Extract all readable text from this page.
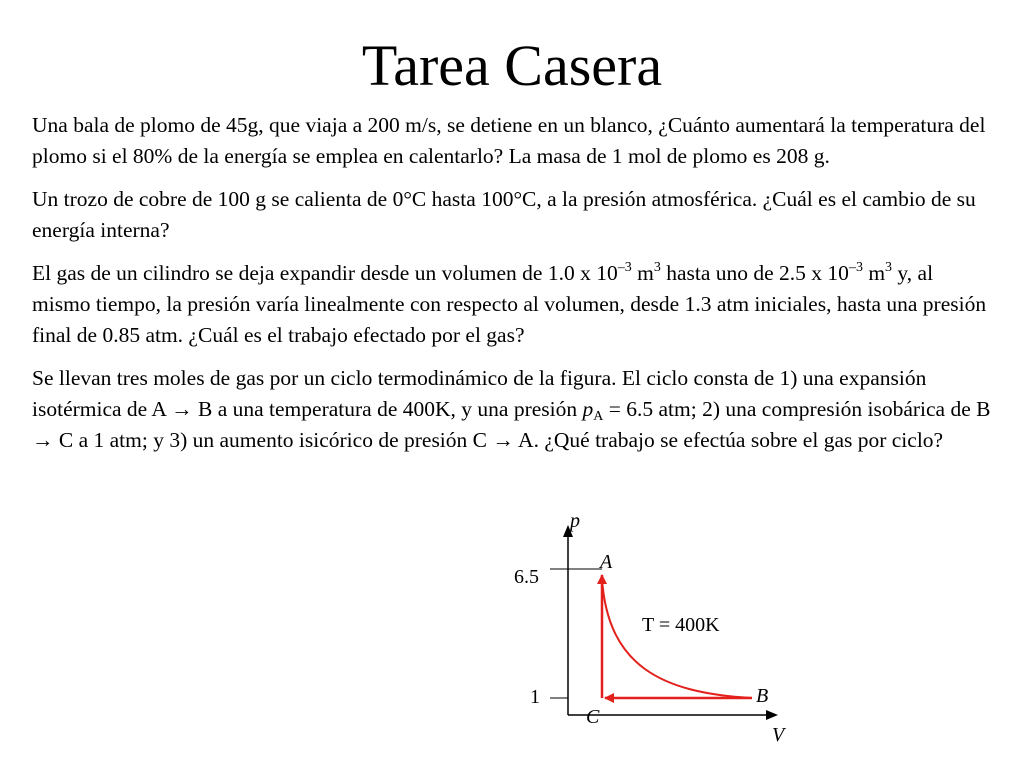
Tarea Casera

Una bala de plomo de 45g, que viaja a 200 m/s, se detiene en un blanco, ¿Cuánto aumentará la temperatura del plomo si el 80% de la energía se emplea en calentarlo? La masa de 1 mol de plomo es 208 g.

Un trozo de cobre de 100 g se calienta de 0°C hasta 100°C, a la presión atmosférica. ¿Cuál es el cambio de su energía interna?

El gas de un cilindro se deja expandir desde un volumen de 1.0 x $10^{-3}$ $m^3$ hasta uno de 2.5 x $10^{-3}$ $m^3$ y, al mismo tiempo, la presión varía linealmente con respecto al volumen, desde 1.3 atm iniciales, hasta una presión final de 0.85 atm. ¿Cuál es el trabajo efectado por el gas?

Se llevan tres moles de gas por un ciclo termodinámico de la figura. El ciclo consta de 1) una expansión isotérmica de A → B a una temperatura de 400K, y una presión $p_A = 6.5$ atm; 2) una compresión isobárica de B → C a 1 atm; y 3) un aumento isicórico de presión C → A. ¿Qué trabajo se efectúa sobre el gas por ciclo?

p
V
6.5
1
A
B
C
T = 400K
